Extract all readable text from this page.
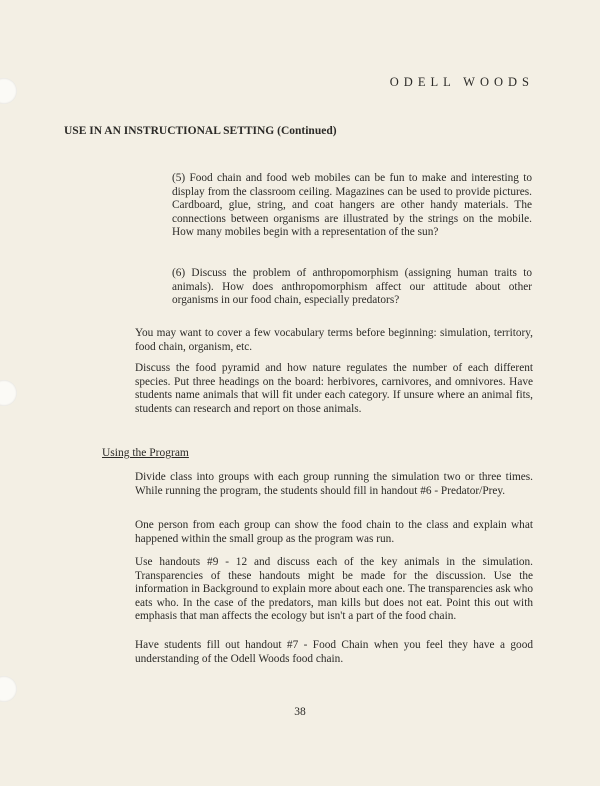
ODELL WOODS
USE IN AN INSTRUCTIONAL SETTING (Continued)

(5) Food chain and food web mobiles can be fun to make and interesting to display from the classroom ceiling. Magazines can be used to provide pictures. Cardboard, glue, string, and coat hangers are other handy materials. The connections between organisms are illustrated by the strings on the mobile. How many mobiles begin with a representation of the sun?

(6) Discuss the problem of anthropomorphism (assigning human traits to animals). How does anthropomorphism affect our attitude about other organisms in our food chain, especially predators?

You may want to cover a few vocabulary terms before beginning: simulation, territory, food chain, organism, etc.

Discuss the food pyramid and how nature regulates the number of each different species. Put three headings on the board: herbivores, carnivores, and omnivores. Have students name animals that will fit under each category. If unsure where an animal fits, students can research and report on those animals.

Using the Program

Divide class into groups with each group running the simulation two or three times. While running the program, the students should fill in handout #6 - Predator/Prey.

One person from each group can show the food chain to the class and explain what happened within the small group as the program was run.

Use handouts #9 - 12 and discuss each of the key animals in the simulation. Transparencies of these handouts might be made for the discussion. Use the information in Background to explain more about each one. The transparencies ask who eats who. In the case of the predators, man kills but does not eat. Point this out with emphasis that man affects the ecology but isn't a part of the food chain.

Have students fill out handout #7 - Food Chain when you feel they have a good understanding of the Odell Woods food chain.

38
